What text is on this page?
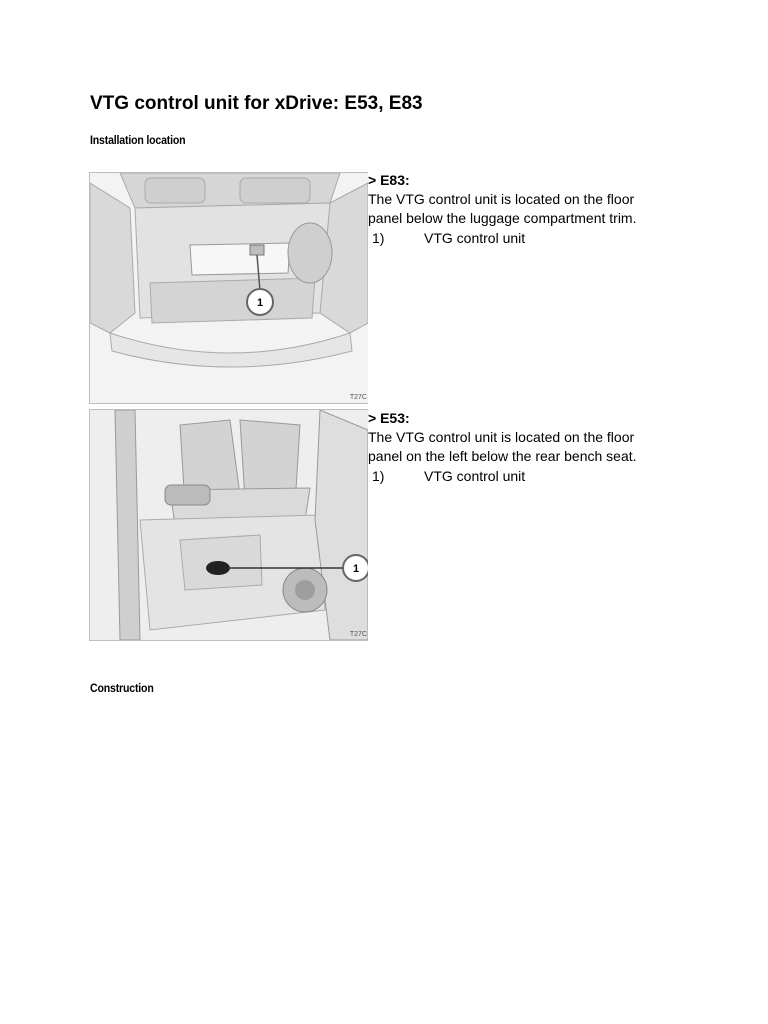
VTG control unit for xDrive: E53, E83

Installation location

1
T27C
> E83:
The VTG control unit is located on the floor
panel below the luggage compartment trim.
1)	VTG control unit
1
T27C
> E53:
The VTG control unit is located on the floor
panel on the left below the rear bench seat.
1)	VTG control unit

Construction
